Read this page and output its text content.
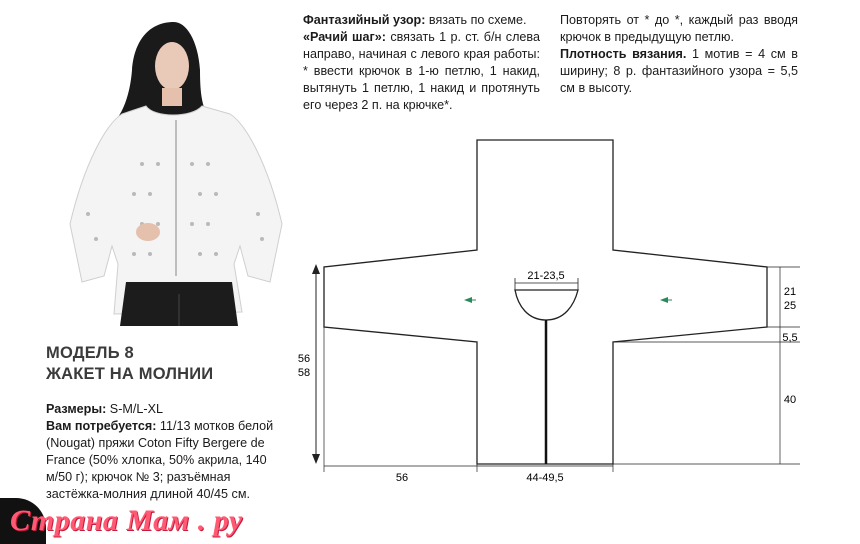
МОДЕЛЬ 8
ЖАКЕТ НА МОЛНИИ
Размеры: S-M/L-XL
Вам потребуется: 11/13 мотков белой (Nougat) пряжи Coton Fifty Bergere de France (50% хлопка, 50% акрила, 140 м/50 г); крючок № 3; разъёмная застёжка-молния длиной 40/45 см.
Фантазийный узор: вязать по схеме.
«Рачий шаг»: связать 1 р. ст. б/н слева направо, начиная с левого края работы: * ввести крючок в 1-ю петлю, 1 накид, вытянуть 1 петлю, 1 накид и протянуть его через 2 п. на крючке*.
Повторять от * до *, каждый раз вводя крючок в предыдущую петлю.
Плотность вязания. 1 мотив = 4 см в ширину; 8 р. фантазийного узора = 5,5 см в высоту.
21-23,5
21
25
5,5
40
56
58
56	44-49,5
Страна Мам . ру
